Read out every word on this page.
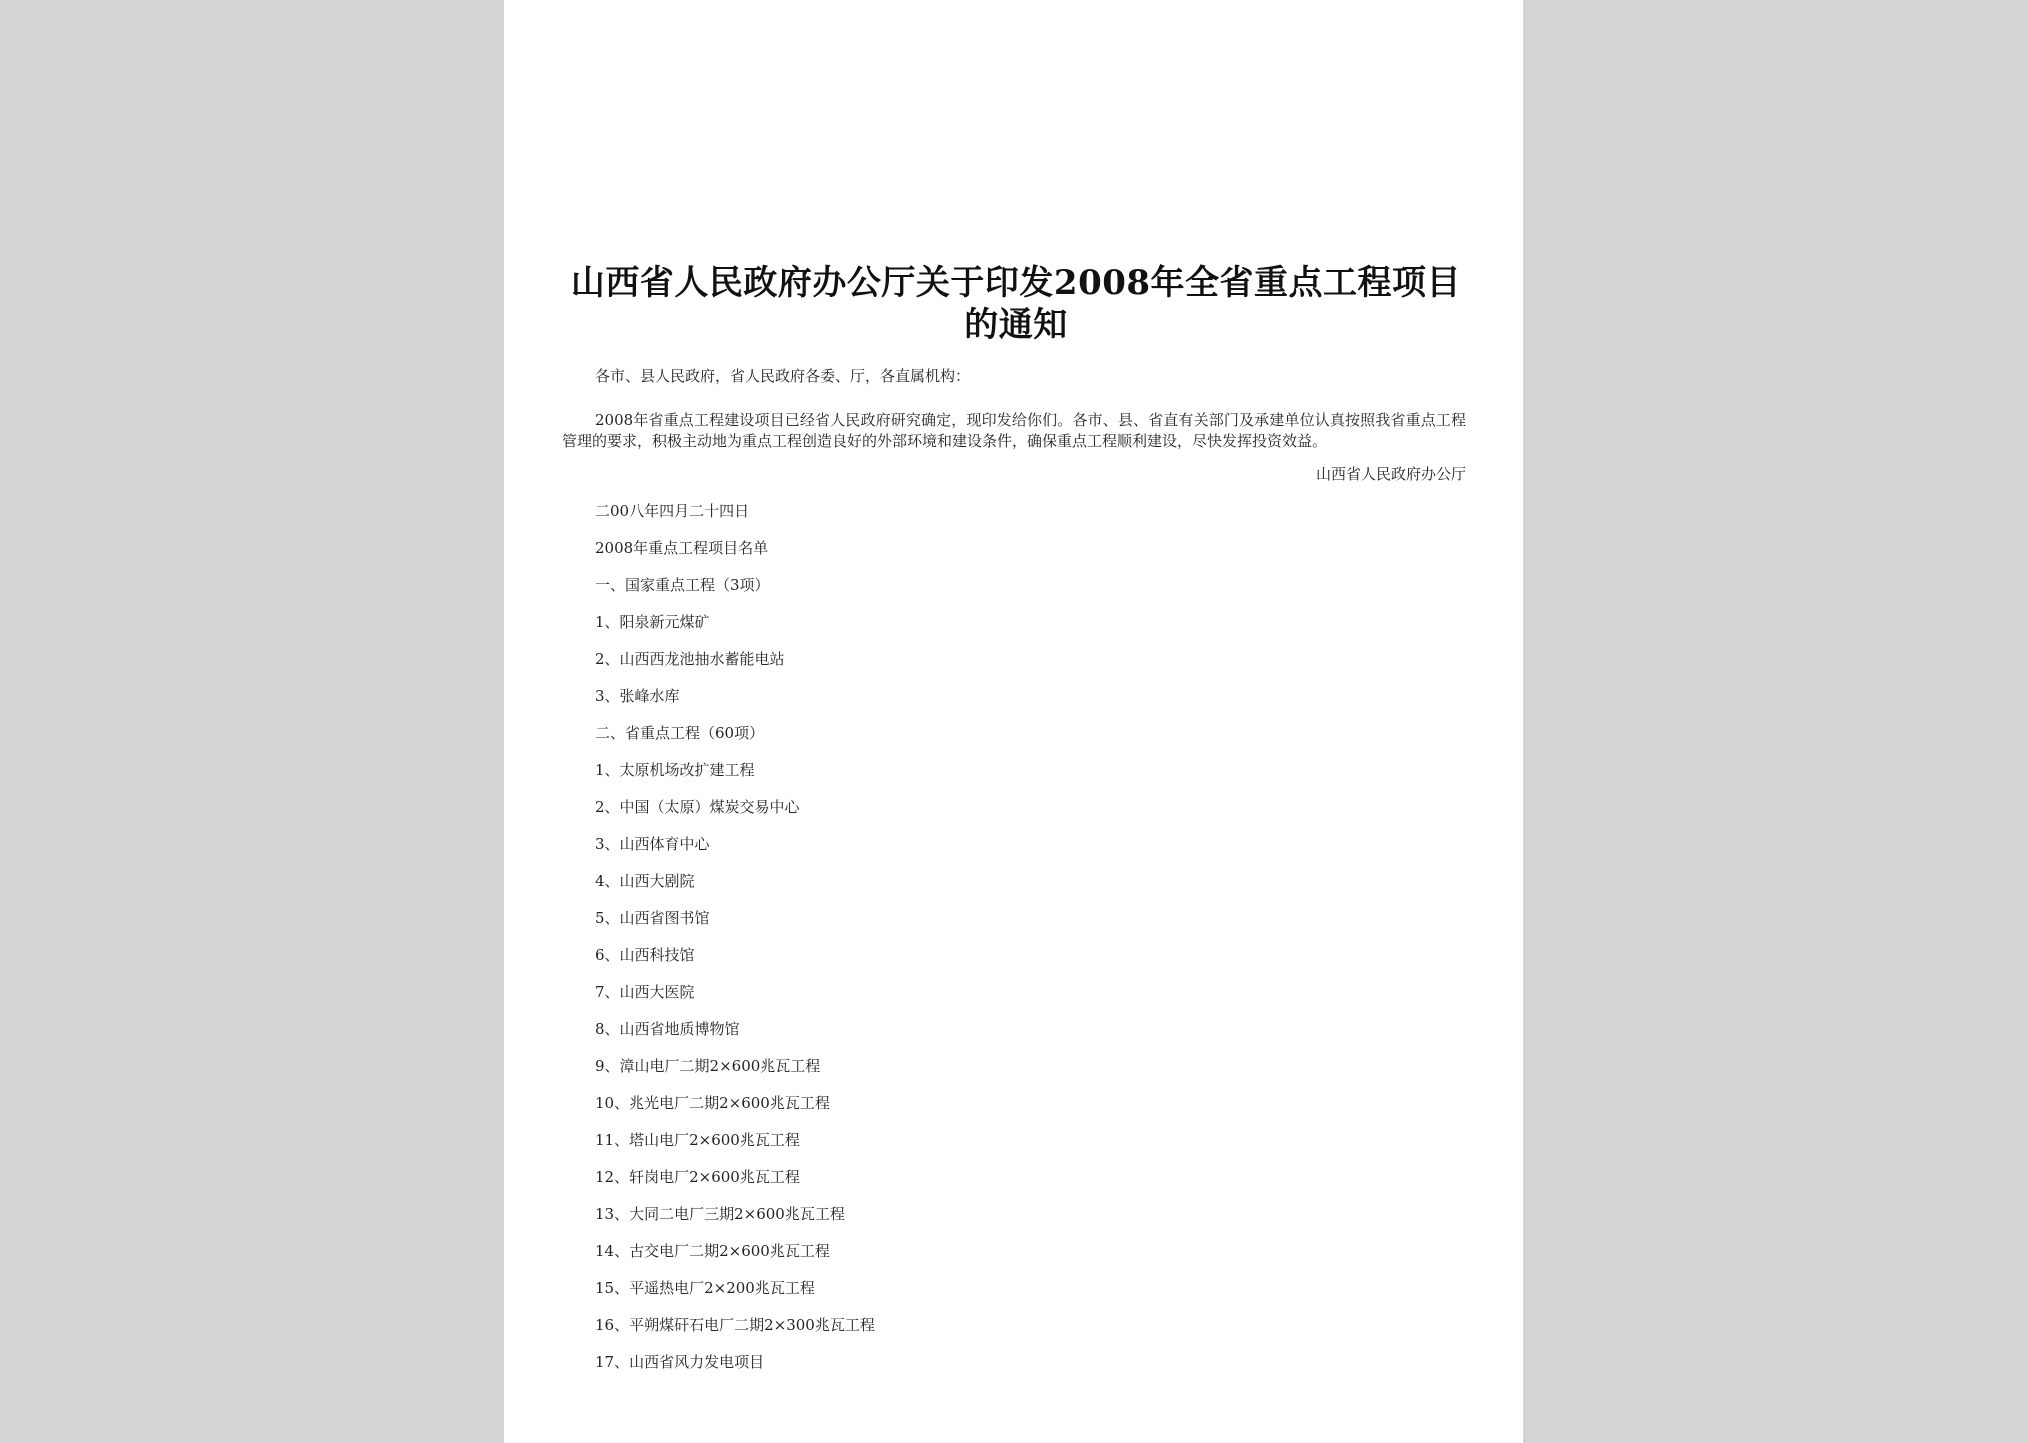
山西省人民政府办公厅关于印发2008年全省重点工程项目的通知

各市、县人民政府，省人民政府各委、厅，各直属机构：

2008年省重点工程建设项目已经省人民政府研究确定，现印发给你们。各市、县、省直有关部门及承建单位认真按照我省重点工程管理的要求，积极主动地为重点工程创造良好的外部环境和建设条件，确保重点工程顺利建设，尽快发挥投资效益。

山西省人民政府办公厅

二00八年四月二十四日

2008年重点工程项目名单
一、国家重点工程（3项）
1、阳泉新元煤矿
2、山西西龙池抽水蓄能电站
3、张峰水库
二、省重点工程（60项）
1、太原机场改扩建工程
2、中国（太原）煤炭交易中心
3、山西体育中心
4、山西大剧院
5、山西省图书馆
6、山西科技馆
7、山西大医院
8、山西省地质博物馆
9、漳山电厂二期2×600兆瓦工程
10、兆光电厂二期2×600兆瓦工程
11、塔山电厂2×600兆瓦工程
12、轩岗电厂2×600兆瓦工程
13、大同二电厂三期2×600兆瓦工程
14、古交电厂二期2×600兆瓦工程
15、平遥热电厂2×200兆瓦工程
16、平朔煤矸石电厂二期2×300兆瓦工程
17、山西省风力发电项目
